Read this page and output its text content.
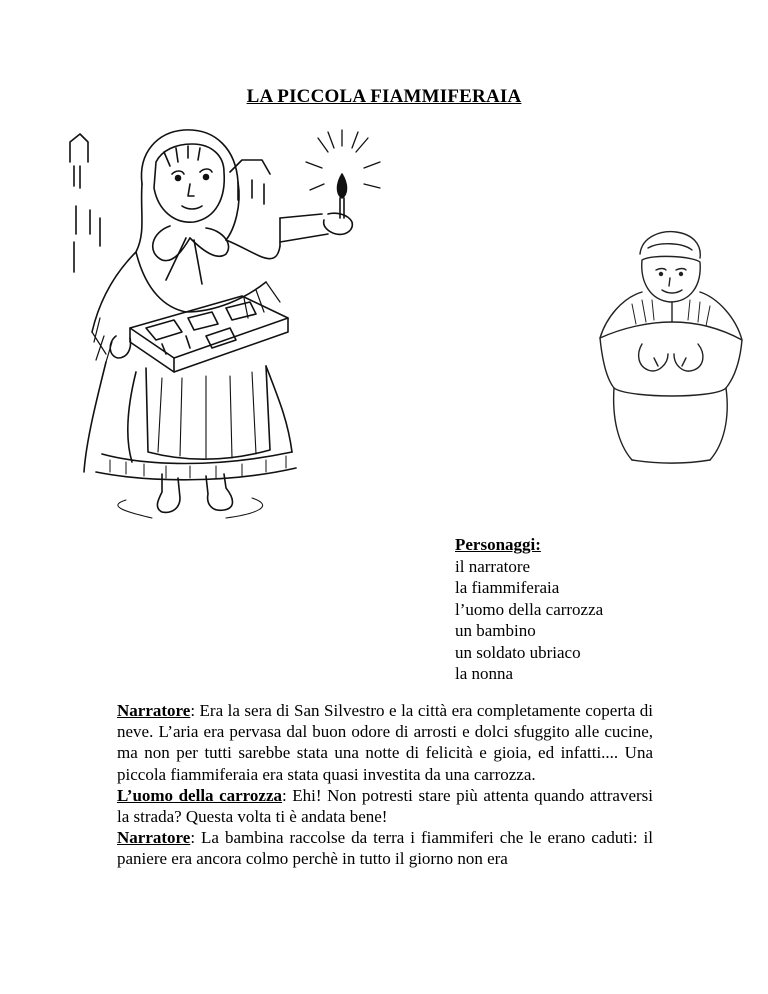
LA PICCOLA FIAMMIFERAIA
Personaggi:
il narratore
la fiammiferaia
l’uomo della carrozza
un bambino
un soldato ubriaco
la nonna

Narratore: Era la sera di San Silvestro e la città era completamente coperta di neve. L’aria era pervasa dal buon odore di arrosti e dolci sfuggito alle cucine, ma non per tutti sarebbe stata una notte di felicità e gioia, ed infatti.... Una piccola fiammiferaia era stata quasi investita da una carrozza.

L’uomo della carrozza: Ehi! Non potresti stare più attenta quando attraversi la strada? Questa volta ti è andata bene!

Narratore: La bambina raccolse da terra i fiammiferi che le erano caduti: il paniere era ancora colmo perchè in tutto il giorno non era
